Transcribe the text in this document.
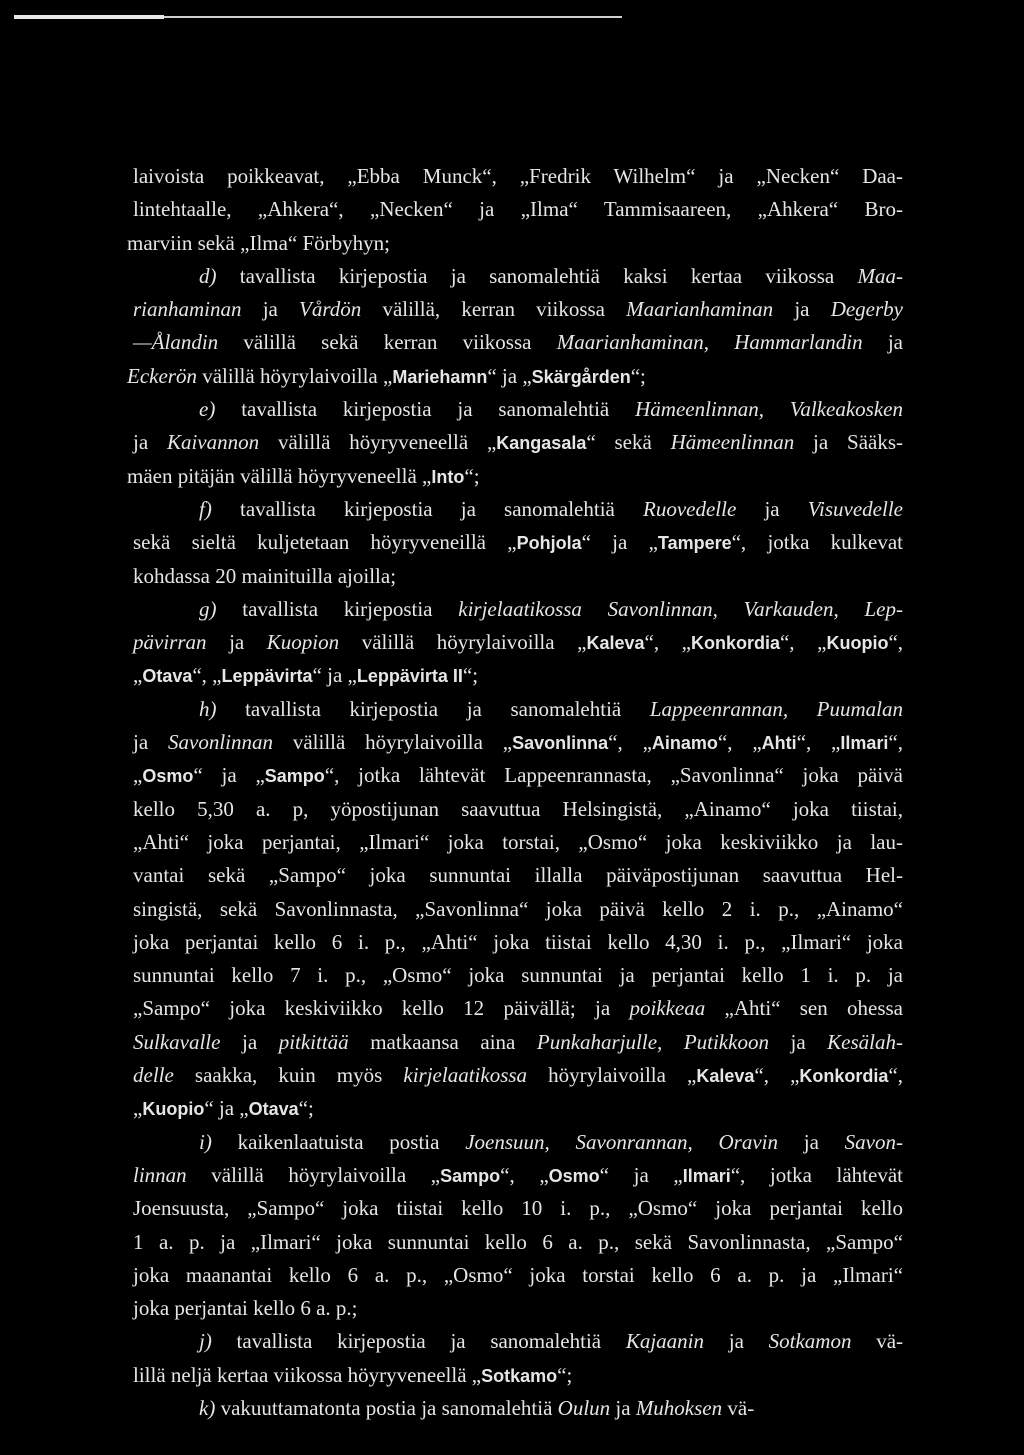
laivoista poikkeavat, „Ebba Munck“, „Fredrik Wilhelm“ ja „Necken“ Daa-
lintehtaalle, „Ahkera“, „Necken“ ja „Ilma“ Tammisaareen, „Ahkera“ Bro-
marviin sekä „Ilma“ Förbyhyn;
d) tavallista kirjepostia ja sanomalehtiä kaksi kertaa viikossa Maa-
rianhaminan ja Vårdön välillä, kerran viikossa Maarianhaminan ja Degerby
—Ålandin välillä sekä kerran viikossa Maarianhaminan, Hammarlandin ja
Eckerön välillä höyrylaivoilla „Mariehamn“ ja „Skärgården“;
e) tavallista kirjepostia ja sanomalehtiä Hämeenlinnan, Valkeakosken
ja Kaivannon välillä höyryveneellä „Kangasala“ sekä Hämeenlinnan ja Sääks-
mäen pitäjän välillä höyryveneellä „Into“;
f) tavallista kirjepostia ja sanomalehtiä Ruovedelle ja Visuvedelle
sekä sieltä kuljetetaan höyryveneillä „Pohjola“ ja „Tampere“, jotka kulkevat
kohdassa 20 mainituilla ajoilla;
g) tavallista kirjepostia kirjelaatikossa Savonlinnan, Varkauden, Lep-
pävirran ja Kuopion välillä höyrylaivoilla „Kaleva“, „Konkordia“, „Kuopio“,
„Otava“, „Leppävirta“ ja „Leppävirta II“;
h) tavallista kirjepostia ja sanomalehtiä Lappeenrannan, Puumalan
ja Savonlinnan välillä höyrylaivoilla „Savonlinna“, „Ainamo“, „Ahti“, „Ilmari“,
„Osmo“ ja „Sampo“, jotka lähtevät Lappeenrannasta, „Savonlinna“ joka päivä
kello 5,30 a. p, yöpostijunan saavuttua Helsingistä, „Ainamo“ joka tiistai,
„Ahti“ joka perjantai, „Ilmari“ joka torstai, „Osmo“ joka keskiviikko ja lau-
vantai sekä „Sampo“ joka sunnuntai illalla päiväpostijunan saavuttua Hel-
singistä, sekä Savonlinnasta, „Savonlinna“ joka päivä kello 2 i. p., „Ainamo“
joka perjantai kello 6 i. p., „Ahti“ joka tiistai kello 4,30 i. p., „Ilmari“ joka
sunnuntai kello 7 i. p., „Osmo“ joka sunnuntai ja perjantai kello 1 i. p. ja
„Sampo“ joka keskiviikko kello 12 päivällä; ja poikkeaa „Ahti“ sen ohessa
Sulkavalle ja pitkittää matkaansa aina Punkaharjulle, Putikkoon ja Kesälah-
delle saakka, kuin myös kirjelaatikossa höyrylaivoilla „Kaleva“, „Konkordia“,
„Kuopio“ ja „Otava“;
i) kaikenlaatuista postia Joensuun, Savonrannan, Oravin ja Savon-
linnan välillä höyrylaivoilla „Sampo“, „Osmo“ ja „Ilmari“, jotka lähtevät
Joensuusta, „Sampo“ joka tiistai kello 10 i. p., „Osmo“ joka perjantai kello
1 a. p. ja „Ilmari“ joka sunnuntai kello 6 a. p., sekä Savonlinnasta, „Sampo“
joka maanantai kello 6 a. p., „Osmo“ joka torstai kello 6 a. p. ja „Ilmari“
joka perjantai kello 6 a. p.;
j) tavallista kirjepostia ja sanomalehtiä Kajaanin ja Sotkamon vä-
lillä neljä kertaa viikossa höyryveneellä „Sotkamo“;
k) vakuuttamatonta postia ja sanomalehtiä Oulun ja Muhoksen vä-
